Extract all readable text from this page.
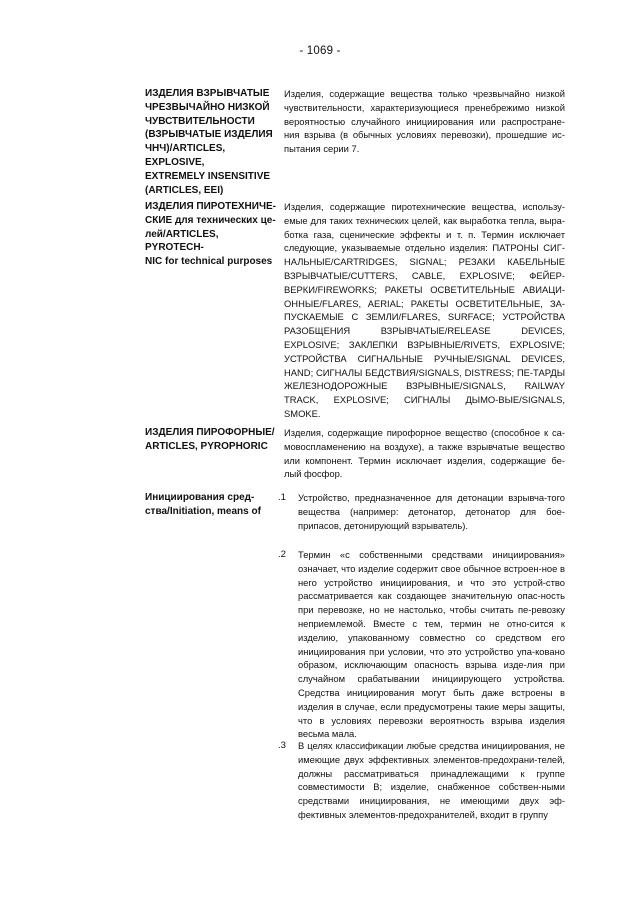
- 1069 -
ИЗДЕЛИЯ ВЗРЫВЧАТЫЕ
ЧРЕЗВЫЧАЙНО НИЗКОЙ
ЧУВСТВИТЕЛЬНОСТИ
(ВЗРЫВЧАТЫЕ ИЗДЕЛИЯ
ЧНЧ)/ARTICLES, EXPLOSIVE,
EXTREMELY INSENSITIVE
(ARTICLES, EEI)
Изделия, содержащие вещества только чрезвычайно низкой чувствительности, характеризующиеся пренебрежимо низкой вероятностью случайного инициирования или распростране-ния взрыва (в обычных условиях перевозки), прошедшие ис-пытания серии 7.
ИЗДЕЛИЯ ПИРОТЕХНИЧЕ-
СКИЕ для технических це-
лей/ARTICLES, PYROTECH-
NIC for technical purposes
Изделия, содержащие пиротехнические вещества, использу-емые для таких технических целей, как выработка тепла, выра-ботка газа, сценические эффекты и т. п. Термин исключает следующие, указываемые отдельно изделия: ПАТРОНЫ СИГ-НАЛЬНЫЕ/CARTRIDGES, SIGNAL; РЕЗАКИ КАБЕЛЬНЫЕ ВЗРЫВЧАТЫЕ/CUTTERS, CABLE, EXPLOSIVE; ФЕЙЕР-ВЕРКИ/FIREWORKS; РАКЕТЫ ОСВЕТИТЕЛЬНЫЕ АВИАЦИ-ОННЫЕ/FLARES, AERIAL; РАКЕТЫ ОСВЕТИТЕЛЬНЫЕ, ЗА-ПУСКАЕМЫЕ С ЗЕМЛИ/FLARES, SURFACE; УСТРОЙСТВА РАЗОБЩЕНИЯ ВЗРЫВЧАТЫЕ/RELEASE DEVICES, EXPLOSIVE; ЗАКЛЕПКИ ВЗРЫВНЫЕ/RIVETS, EXPLOSIVE; УСТРОЙСТВА СИГНАЛЬНЫЕ РУЧНЫЕ/SIGNAL DEVICES, HAND; СИГНАЛЫ БЕДСТВИЯ/SIGNALS, DISTRESS; ПЕ-ТАРДЫ ЖЕЛЕЗНОДОРОЖНЫЕ ВЗРЫВНЫЕ/SIGNALS, RAILWAY TRACK, EXPLOSIVE; СИГНАЛЫ ДЫМО-ВЫЕ/SIGNALS, SMOKE.
ИЗДЕЛИЯ ПИРОФОРНЫЕ/
ARTICLES, PYROPHORIC
Изделия, содержащие пирофорное вещество (способное к са-мовоспламенению на воздухе), а также взрывчатые вещество или компонент. Термин исключает изделия, содержащие бе-лый фосфор.
Инициирования сред-
ства/Initiation, means of
.1 Устройство, предназначенное для детонации взрывча-того вещества (например: детонатор, детонатор для бое-припасов, детонирующий взрыватель).
.2 Термин «с собственными средствами инициирования» означает, что изделие содержит свое обычное встроен-ное в него устройство инициирования, и что это устрой-ство рассматривается как создающее значительную опас-ность при перевозке, но не настолько, чтобы считать пе-ревозку неприемлемой. Вместе с тем, термин не отно-сится к изделию, упакованному совместно со средством его инициирования при условии, что это устройство упа-ковано образом, исключающим опасность взрыва изде-лия при случайном срабатывании инициирующего устройства. Средства инициирования могут быть даже встроены в изделия в случае, если предусмотрены такие меры защиты, что в условиях перевозки вероятность взрыва изделия весьма мала.
.3 В целях классификации любые средства инициирования, не имеющие двух эффективных элементов-предохрани-телей, должны рассматриваться принадлежащими к группе совместимости B; изделие, снабженное собствен-ными средствами инициирования, не имеющими двух эф-фективных элементов-предохранителей, входит в группу
